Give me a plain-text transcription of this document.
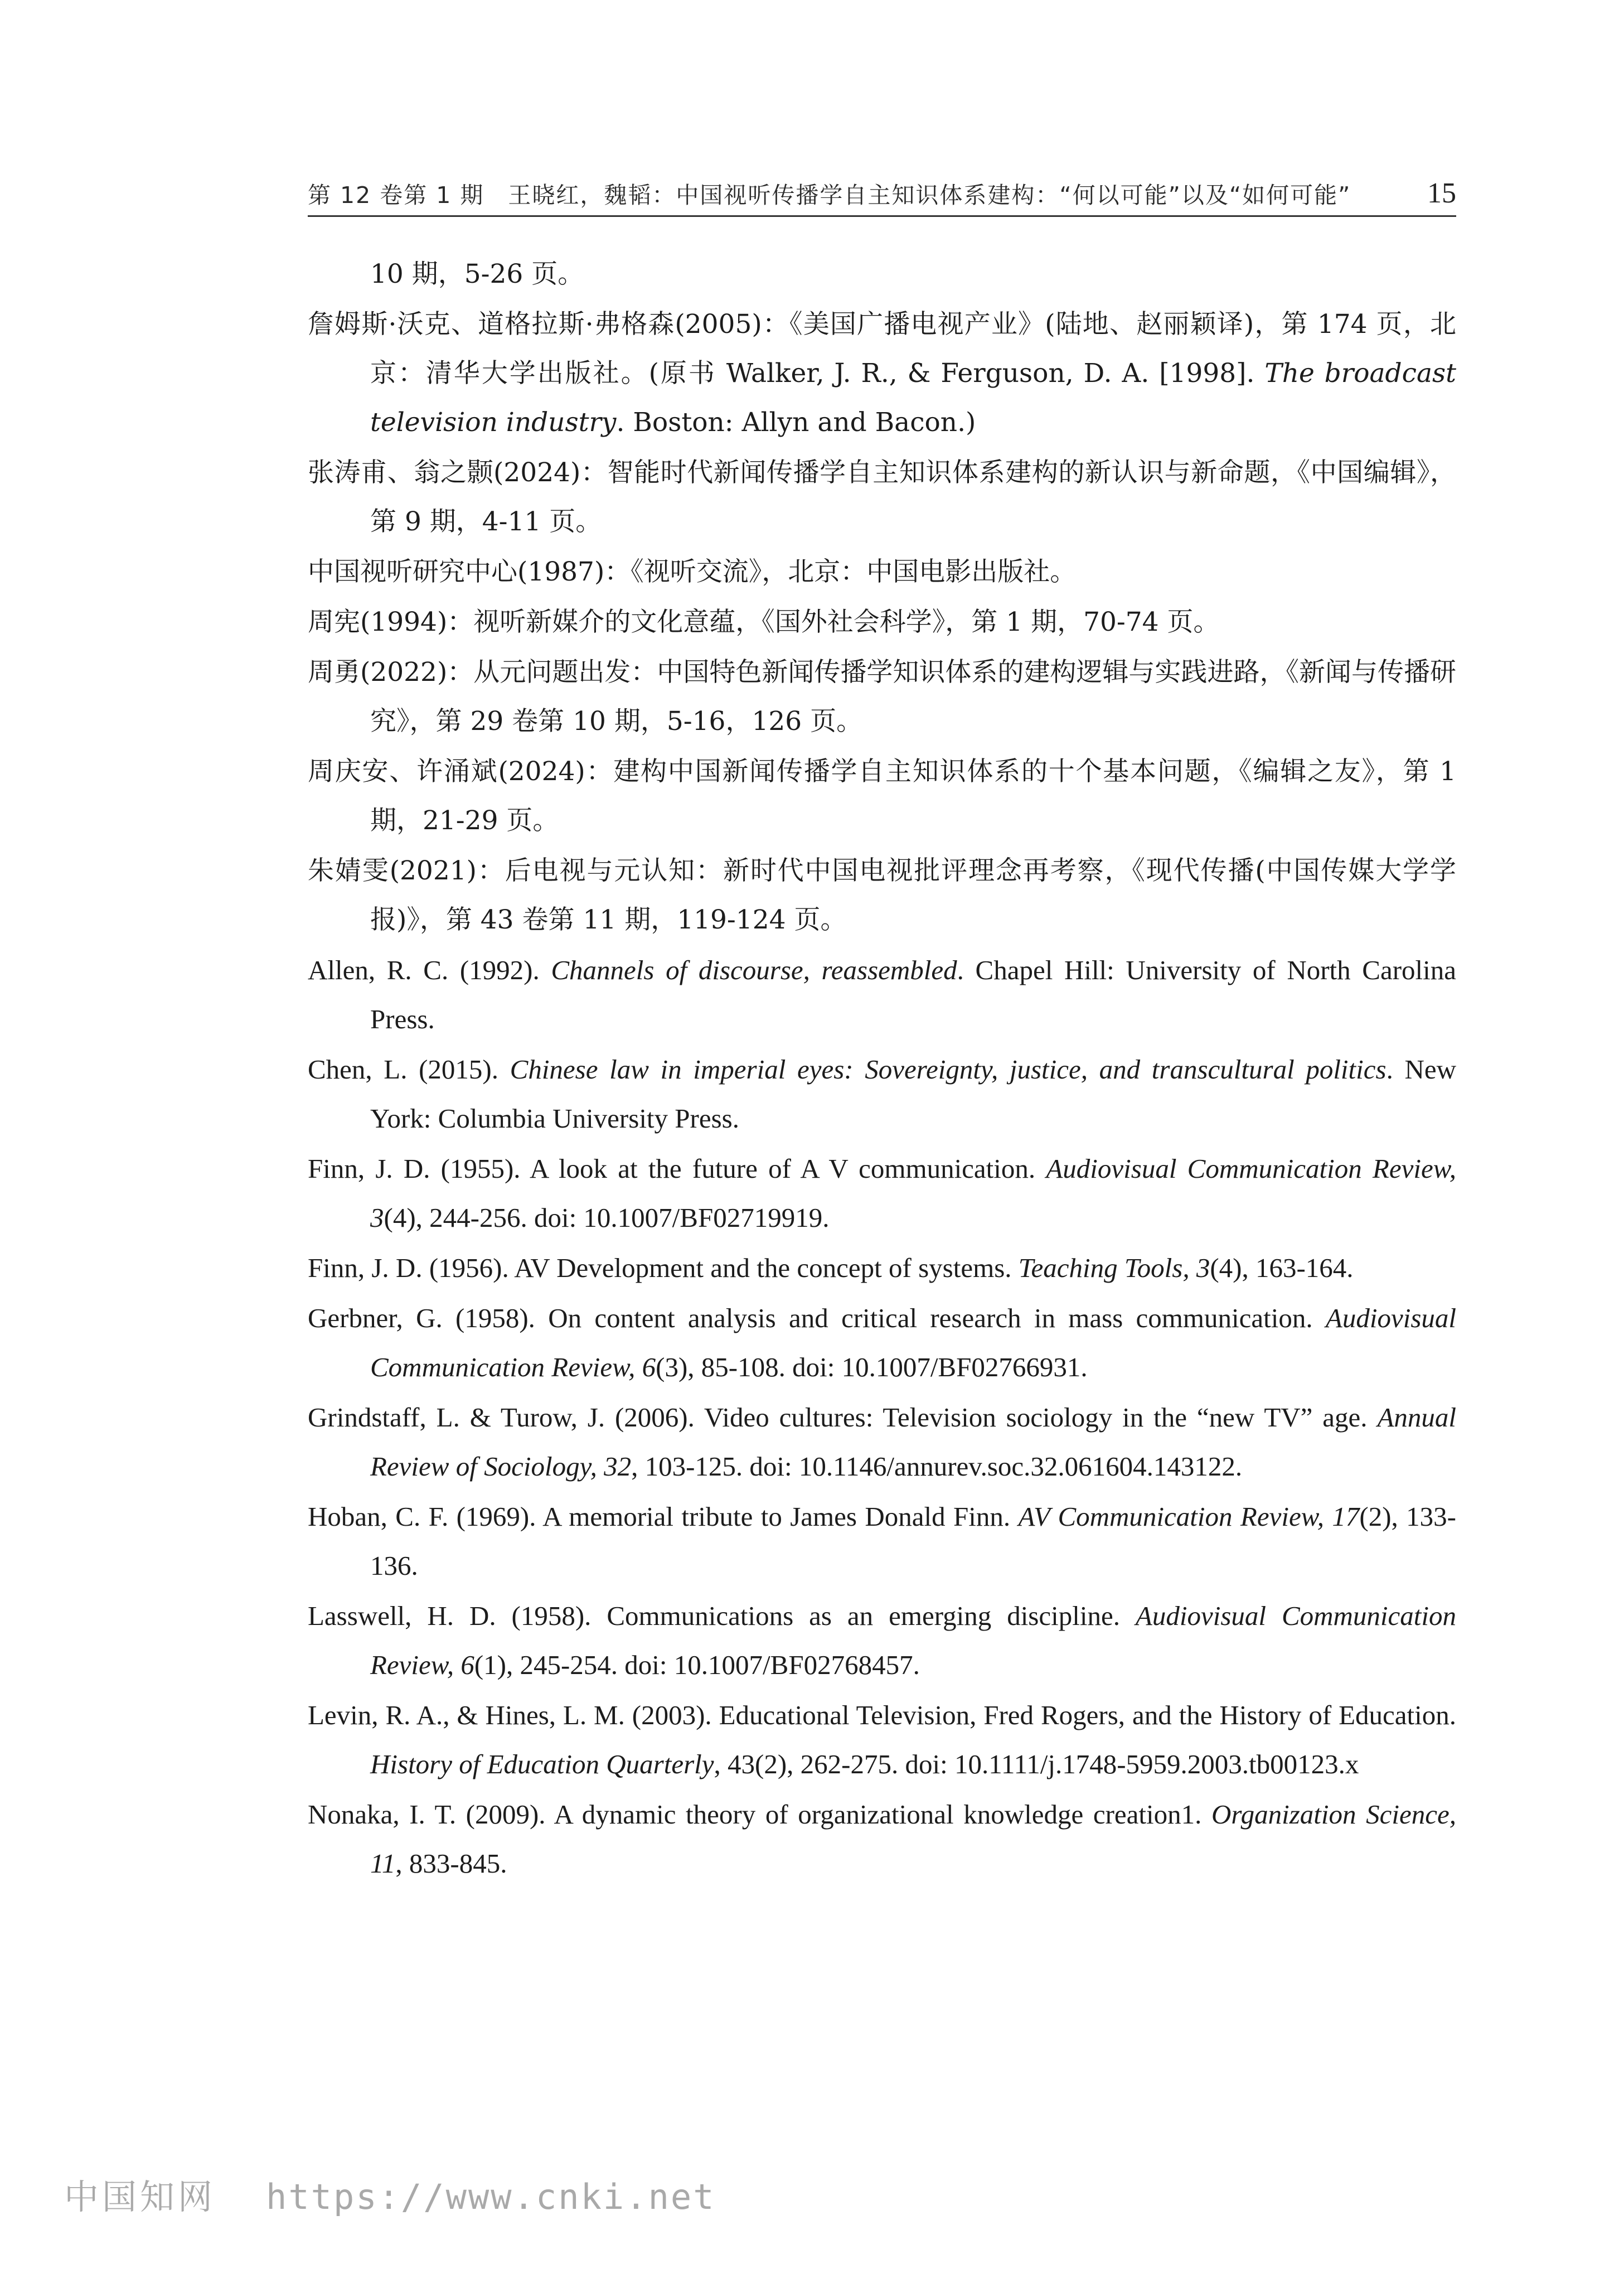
第 12 卷第 1 期　王晓红，魏韬：中国视听传播学自主知识体系建构：“何以可能”以及“如何可能”	15

10 期，5-26 页。

詹姆斯·沃克、道格拉斯·弗格森(2005)：《美国广播电视产业》(陆地、赵丽颖译)，第 174 页，北京：清华大学出版社。(原书 Walker, J. R., & Ferguson, D. A. [1998]. The broadcast television industry. Boston: Allyn and Bacon.)

张涛甫、翁之颢(2024)：智能时代新闻传播学自主知识体系建构的新认识与新命题，《中国编辑》，第 9 期，4-11 页。

中国视听研究中心(1987)：《视听交流》，北京：中国电影出版社。

周宪(1994)：视听新媒介的文化意蕴，《国外社会科学》，第 1 期，70-74 页。

周勇(2022)：从元问题出发：中国特色新闻传播学知识体系的建构逻辑与实践进路，《新闻与传播研究》，第 29 卷第 10 期，5-16，126 页。

周庆安、许涌斌(2024)：建构中国新闻传播学自主知识体系的十个基本问题，《编辑之友》，第 1 期，21-29 页。

朱婧雯(2021)：后电视与元认知：新时代中国电视批评理念再考察，《现代传播(中国传媒大学学报)》，第 43 卷第 11 期，119-124 页。

Allen, R. C. (1992). Channels of discourse, reassembled. Chapel Hill: University of North Carolina Press.

Chen, L. (2015). Chinese law in imperial eyes: Sovereignty, justice, and transcultural politics. New York: Columbia University Press.

Finn, J. D. (1955). A look at the future of A V communication. Audiovisual Communication Review, 3(4), 244-256. doi: 10.1007/BF02719919.

Finn, J. D. (1956). AV Development and the concept of systems. Teaching Tools, 3(4), 163-164.

Gerbner, G. (1958). On content analysis and critical research in mass communication. Audiovisual Communication Review, 6(3), 85-108. doi: 10.1007/BF02766931.

Grindstaff, L. & Turow, J. (2006). Video cultures: Television sociology in the “new TV” age. Annual Review of Sociology, 32, 103-125. doi: 10.1146/annurev.soc.32.061604.143122.

Hoban, C. F. (1969). A memorial tribute to James Donald Finn. AV Communication Review, 17(2), 133-136.

Lasswell, H. D. (1958). Communications as an emerging discipline. Audiovisual Communication Review, 6(1), 245-254. doi: 10.1007/BF02768457.

Levin, R. A., & Hines, L. M. (2003). Educational Television, Fred Rogers, and the History of Education. History of Education Quarterly, 43(2), 262-275. doi: 10.1111/j.1748-5959.2003.tb00123.x

Nonaka, I. T. (2009). A dynamic theory of organizational knowledge creation1. Organization Science, 11, 833-845.

中国知网 https://www.cnki.net
